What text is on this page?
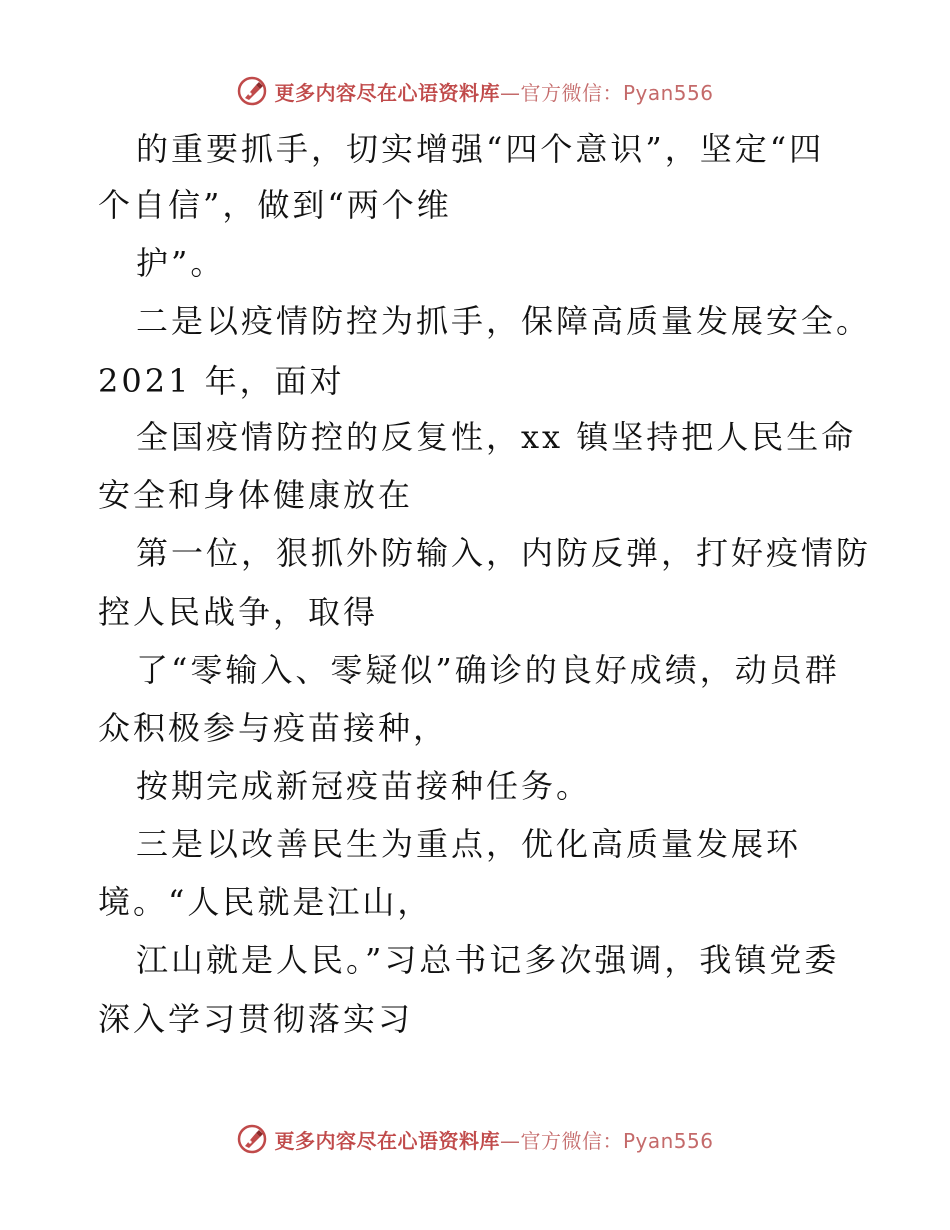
更多内容尽在心语资料库—官方微信：Pyan556
的重要抓手，切实增强“四个意识”，坚定“四
个自信”，做到“两个维
护”。
二是以疫情防控为抓手，保障高质量发展安全。
2021 年，面对
全国疫情防控的反复性，xx 镇坚持把人民生命
安全和身体健康放在
第一位，狠抓外防输入，内防反弹，打好疫情防
控人民战争，取得
了“零输入、零疑似”确诊的良好成绩，动员群
众积极参与疫苗接种，
按期完成新冠疫苗接种任务。
三是以改善民生为重点，优化高质量发展环
境。“人民就是江山，
江山就是人民。”习总书记多次强调，我镇党委
深入学习贯彻落实习
更多内容尽在心语资料库—官方微信：Pyan556
